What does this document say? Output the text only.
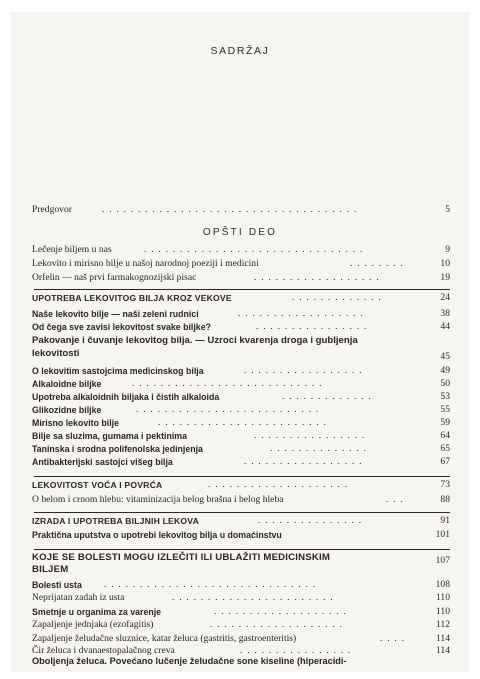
SADRŽAJ
Predgovor	.  .  .  .  .  .  .  .  .  .  .  .  .  .  .  .  .  .  .  .  .  .  .  .  .  .  .  .  .  .  .  .  .  .  .  .	5
OPŠTI DEO
Lečenje biljem u nas	.  .  .  .  .  .  .  .  .  .  .  .  .  .  .  .  .  .  .  .  .  .  .  .  .  .  .  .  .  .  .	9
Lekovito i mirisno bilje u našoj narodnoj poeziji i medicini	.  .  .  .  .  .  .  .	10
Orfelin — naš prvi farmakognozijski pisac	.  .  .  .  .  .  .  .  .  .  .  .  .  .  .  .  .  .	19
UPOTREBA LEKOVITOG BILJA KROZ VEKOVE	.  .  .  .  .  .  .  .  .  .  .  .  .	24
Naše lekovito bilje — naši zeleni rudnici	.  .  .  .  .  .  .  .  .  .  .  .  .  .  .  .  .  .	38
Od čega sve zavisi lekovitost svake biljke?	.  .  .  .  .  .  .  .  .  .  .  .  .  .  .  .	44
Pakovanje i čuvanje lekovitog bilja. — Uzroci kvarenja droga i gubljenja
lekovitosti	45
O lekovitim sastojcima medicinskog bilja	.  .  .  .  .  .  .  .  .  .  .  .  .  .  .  .  .	49
Alkaloidne biljke	.  .  .  .  .  .  .  .  .  .  .  .  .  .  .  .  .  .  .  .  .  .  .  .  .  .  .	50
Upotreba alkaloidnih biljaka i čistih alkaloida	.  .  .  .  .  .  .  .  .  .  .  .  .	53
Glikozidne biljke	.  .  .  .  .  .  .  .  .  .  .  .  .  .  .  .  .  .  .  .  .  .  .  .  .  .	55
Mirisno lekovito bilje	.  .  .  .  .  .  .  .  .  .  .  .  .  .  .  .  .  .  .  .  .  .  .  .	59
Bilje sa sluzima, gumama i pektinima	.  .  .  .  .  .  .  .  .  .  .  .  .  .  .  .	64
Taninska i srodna polifenolska jedinjenja	.  .  .  .  .  .  .  .  .  .  .  .  .  .	65
Antibakterijski sastojci višeg bilja	.  .  .  .  .  .  .  .  .  .  .  .  .  .  .  .  .	67
LEKOVITOST VOĆA I POVRĆA	.  .  .  .  .  .  .  .  .  .  .  .  .  .  .  .  .  .  .  .	73
O belom i crnom hlebu: vitaminizacija belog brašna i belog hleba	.  .  .	88
IZRADA I UPOTREBA BILJNIH LEKOVA	.  .  .  .  .  .  .  .  .  .  .  .  .  .  .	91
Praktična uputstva o upotrebi lekovitog bilja u domaćinstvu	101
KOJE SE BOLESTI MOGU IZLEČITI ILI UBLAŽITI MEDICINSKIM
BILJEM
107
Bolesti usta .  .  .  .  .  .  .  .  .  .  .  .  .  .  .  .  .  .  .  .  .  .  .  .  .  .  .  .  .  .	108
Neprijatan zadah iz usta	.  .  .  .  .  .  .  .  .  .  .  .  .  .  .  .  .  .  .  .  .  .  .	110
Smetnje u organima za varenje	.  .  .  .  .  .  .  .  .  .  .  .  .  .  .  .  .  .  .	110
Zapaljenje jednjaka (ezofagitis)	.  .  .  .  .  .  .  .  .  .  .  .  .  .  .  .  .  .  .	112
Zapaljenje želudačne sluznice, katar želuca (gastritis, gastroenteritis)	.  .  .  .	114
Čir želuca i dvanaestopalačnog creva	.  .  .  .  .  .  .  .  .  .  .  .  .  .  .  .	114
Oboljenja želuca. Povećano lučenje želudačne sone kiseline (hiperacidi-
